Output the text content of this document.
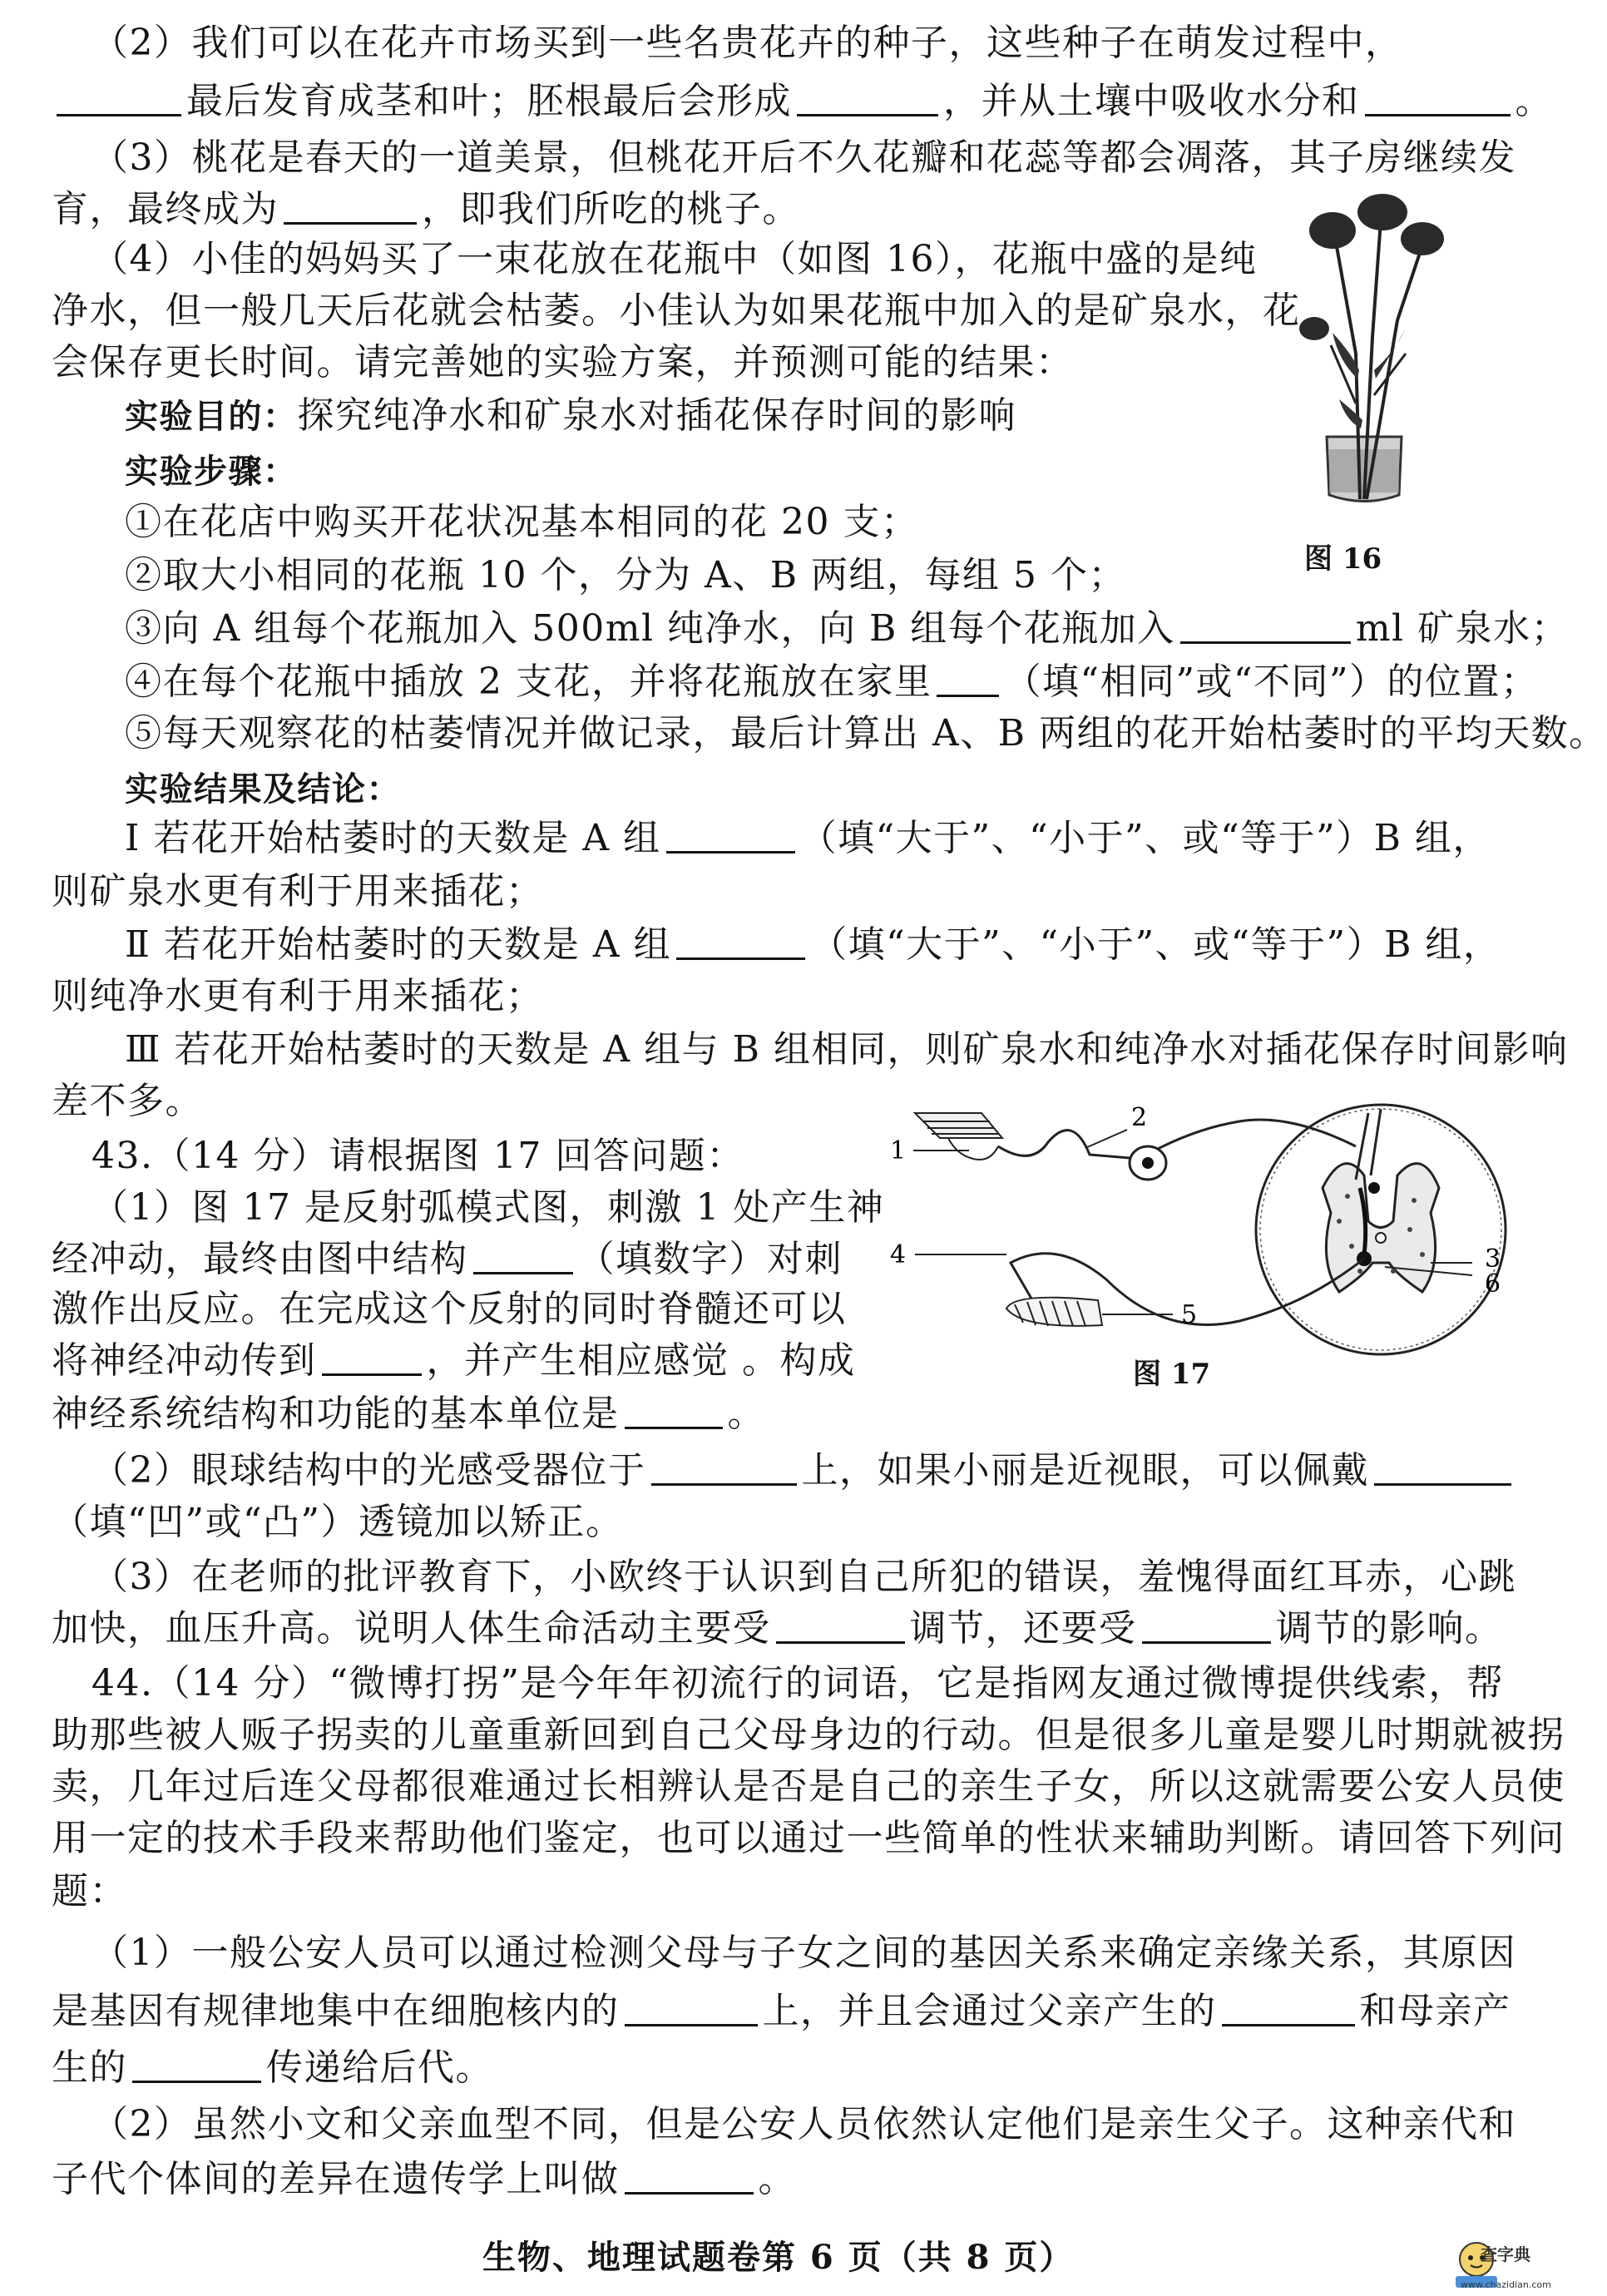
（2）我们可以在花卉市场买到一些名贵花卉的种子，这些种子在萌发过程中，
最后发育成茎和叶；胚根最后会形成	，并从土壤中吸收水分和	。
（3）桃花是春天的一道美景，但桃花开后不久花瓣和花蕊等都会凋落，其子房继续发
育，最终成为	，即我们所吃的桃子。
（4）小佳的妈妈买了一束花放在花瓶中（如图 16），花瓶中盛的是纯
净水，但一般几天后花就会枯萎。小佳认为如果花瓶中加入的是矿泉水，花
会保存更长时间。请完善她的实验方案，并预测可能的结果：
实验目的：探究纯净水和矿泉水对插花保存时间的影响
实验步骤：
①在花店中购买开花状况基本相同的花 20 支；
②取大小相同的花瓶 10 个，分为 A、B 两组，每组 5 个；
③向 A 组每个花瓶加入 500ml 纯净水，向 B 组每个花瓶加入	ml 矿泉水；
④在每个花瓶中插放 2 支花，并将花瓶放在家里 （填“相同”或“不同”）的位置；
⑤每天观察花的枯萎情况并做记录，最后计算出 A、B 两组的花开始枯萎时的平均天数。
实验结果及结论：
Ⅰ 若花开始枯萎时的天数是 A 组	（填“大于”、“小于”、或“等于”）B 组，
则矿泉水更有利于用来插花；
Ⅱ 若花开始枯萎时的天数是 A 组	（填“大于”、“小于”、或“等于”）B 组，
则纯净水更有利于用来插花；
Ⅲ 若花开始枯萎时的天数是 A 组与 B 组相同，则矿泉水和纯净水对插花保存时间影响
差不多。
图 16
43.（14 分）请根据图 17 回答问题：
（1）图 17 是反射弧模式图，刺激 1 处产生神
经冲动，最终由图中结构	（填数字）对刺
激作出反应。在完成这个反射的同时脊髓还可以
将神经冲动传到	，并产生相应感觉 。构成
神经系统结构和功能的基本单位是	。
1
2
3
4
5
6
图 17
（2）眼球结构中的光感受器位于	上，如果小丽是近视眼，可以佩戴
（填“凹”或“凸”）透镜加以矫正。
（3）在老师的批评教育下，小欧终于认识到自己所犯的错误，羞愧得面红耳赤，心跳
加快，血压升高。说明人体生命活动主要受	调节，还要受	调节的影响。
44.（14 分）“微博打拐”是今年年初流行的词语，它是指网友通过微博提供线索，帮
助那些被人贩子拐卖的儿童重新回到自己父母身边的行动。但是很多儿童是婴儿时期就被拐
卖，几年过后连父母都很难通过长相辨认是否是自己的亲生子女，所以这就需要公安人员使
用一定的技术手段来帮助他们鉴定，也可以通过一些简单的性状来辅助判断。请回答下列问
题：
（1）一般公安人员可以通过检测父母与子女之间的基因关系来确定亲缘关系，其原因
是基因有规律地集中在细胞核内的	上，并且会通过父亲产生的	和母亲产
生的	传递给后代。
（2）虽然小文和父亲血型不同，但是公安人员依然认定他们是亲生父子。这种亲代和
子代个体间的差异在遗传学上叫做	。
生物、地理试题卷第 6 页（共 8 页）	查字典
www.chazidian.com
